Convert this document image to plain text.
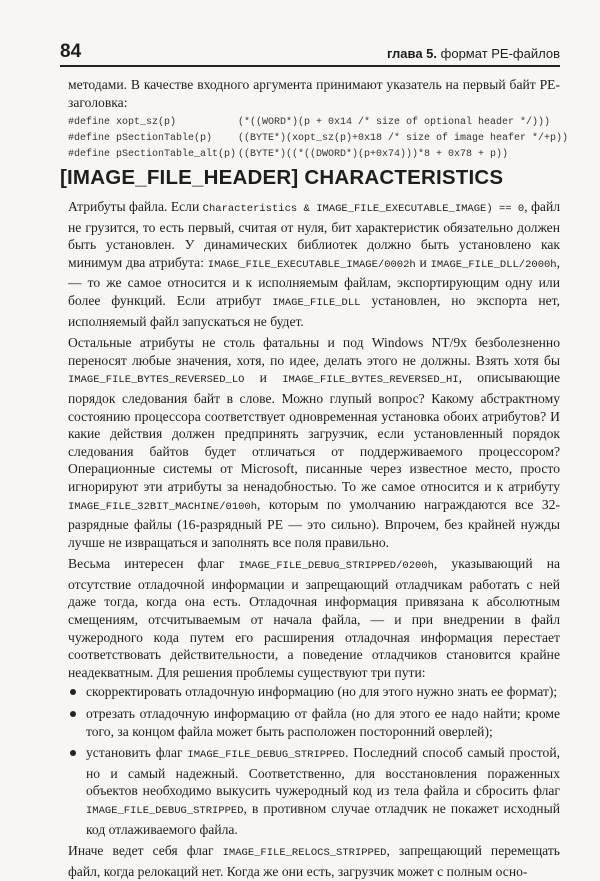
84	глава 5. формат PE-файлов

методами. В качестве входного аргумента принимают указатель на первый байт PE-заголовка:

#define xopt_sz(p)	(*((WORD*)(p + 0x14 /* size of optional header */)))
#define pSectionTable(p)	((BYTE*)(xopt_sz(p)+0x18 /* size of image heafer */+p))
#define pSectionTable_alt(p) ((BYTE*)((*((DWORD*)(p+0x74)))*8 + 0x78 + p))
[IMAGE_FILE_HEADER] CHARACTERISTICS

Атрибуты файла. Если Characteristics & IMAGE_FILE_EXECUTABLE_IMAGE) == 0, файл не грузится, то есть первый, считая от нуля, бит характеристик обязательно должен быть установлен. У динамических библиотек должно быть установлено как минимум два атрибута: IMAGE_FILE_EXECUTABLE_IMAGE/0002h и IMAGE_FILE_DLL/2000h, — то же самое относится и к исполняемым файлам, экспортирующим одну или более функций. Если атрибут IMAGE_FILE_DLL установлен, но экспорта нет, исполняемый файл запускаться не будет.

Остальные атрибуты не столь фатальны и под Windows NT/9x безболезненно переносят любые значения, хотя, по идее, делать этого не должны. Взять хотя бы IMAGE_FILE_BYTES_REVERSED_LO и IMAGE_FILE_BYTES_REVERSED_HI, описывающие порядок следования байт в слове. Можно глупый вопрос? Какому абстрактному состоянию процессора соответствует одновременная установка обоих атрибутов? И какие действия должен предпринять загрузчик, если установленный порядок следования байтов будет отличаться от поддерживаемого процессором? Операционные системы от Microsoft, писанные через известное место, просто игнорируют эти атрибуты за ненадобностью. То же самое относится и к атрибуту IMAGE_FILE_32BIT_MACHINE/0100h, которым по умолчанию награждаются все 32-разрядные файлы (16-разрядный PE — это сильно). Впрочем, без крайней нужды лучше не извращаться и заполнять все поля правильно.

Весьма интересен флаг IMAGE_FILE_DEBUG_STRIPPED/0200h, указывающий на отсутствие отладочной информации и запрещающий отладчикам работать с ней даже тогда, когда она есть. Отладочная информация привязана к абсолютным смещениям, отсчитываемым от начала файла, — и при внедрении в файл чужеродного кода путем его расширения отладочная информация перестает соответствовать действительности, а поведение отладчиков становится крайне неадекватным. Для решения проблемы существуют три пути:

скорректировать отладочную информацию (но для этого нужно знать ее формат);
отрезать отладочную информацию от файла (но для этого ее надо найти; кроме того, за концом файла может быть расположен посторонний оверлей);
установить флаг IMAGE_FILE_DEBUG_STRIPPED. Последний способ самый простой, но и самый надежный. Соответственно, для восстановления пораженных объектов необходимо выкусить чужеродный код из тела файла и сбросить флаг IMAGE_FILE_DEBUG_STRIPPED, в противном случае отладчик не покажет исходный код отлаживаемого файла.

Иначе ведет себя флаг IMAGE_FILE_RELOCS_STRIPPED, запрещающий перемещать файл, когда релокаций нет. Когда же они есть, загрузчик может с полным осно-
